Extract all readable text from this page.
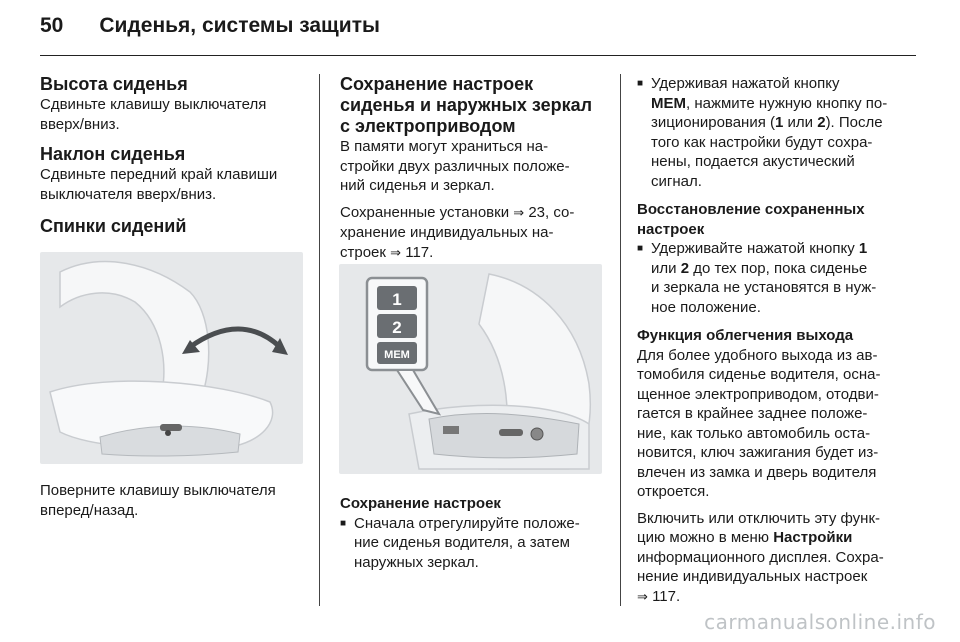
50 Сиденья, системы защиты
Высота сиденья
Сдвиньте клавишу выключателя
вверх/вниз.
Наклон сиденья
Сдвиньте передний край клавиши
выключателя вверх/вниз.
Спинки сидений
Поверните клавишу выключателя
вперед/назад.
Сохранение настроек
сиденья и наружных зеркал
с электроприводом
В памяти могут храниться на-
стройки двух различных положе-
ний сиденья и зеркал.
Сохраненные установки ⇒ 23, со-
хранение индивидуальных на-
строек ⇒ 117.
1
2
MEM
Сохранение настроек
■ Сначала отрегулируйте положе-
ние сиденья водителя, а затем
наружных зеркал.
■ Удерживая нажатой кнопку
MEM, нажмите нужную кнопку по-
зиционирования (1 или 2). После
того как настройки будут сохра-
нены, подается акустический
сигнал.
Восстановление сохраненных
настроек
■ Удерживайте нажатой кнопку 1
или 2 до тех пор, пока сиденье
и зеркала не установятся в нуж-
ное положение.
Функция облегчения выхода
Для более удобного выхода из ав-
томобиля сиденье водителя, осна-
щенное электроприводом, отодви-
гается в крайнее заднее положе-
ние, как только автомобиль оста-
новится, ключ зажигания будет из-
влечен из замка и дверь водителя
откроется.
Включить или отключить эту функ-
цию можно в меню Настройки
информационного дисплея. Сохра-
нение индивидуальных настроек
⇒ 117.
carmanualsonline.info
